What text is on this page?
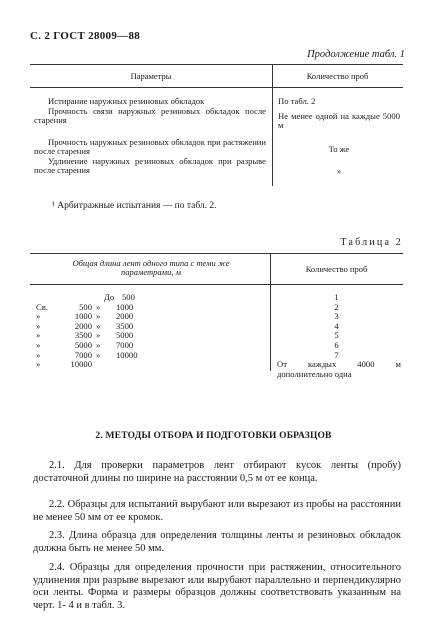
С. 2 ГОСТ 28009—88
Продолжение табл. 1
Параметры	Количество проб
Истирание наружных резиновых обкладок	По табл. 2
Прочность связи наружных резиновых обкладок после старения	Не менее одной на каждые 5000 м
Прочность наружных резиновых обкладок при растяжении после старения	То же
Удлинение наружных резиновых обкладок при разрыве после старения	»
¹ Арбитражные испытания — по табл. 2.
Таблица 2
Общая длина лент одного типа с теми же параметрами, м	Количество проб
До 500	1
Св.	500 »	1000	2
»	1000 »	2000	3
»	2000 »	3500	4
»	3500 »	5000	5
»	5000 »	7000	6
»	7000 »	10000	7
»	10000	От каждых 4000 м дополнительно одна
2. МЕТОДЫ ОТБОРА И ПОДГОТОВКИ ОБРАЗЦОВ
2.1. Для проверки параметров лент отбирают кусок ленты (пробу) достаточной длины по ширине на расстоянии 0,5 м от ее конца.
2.2. Образцы для испытаний вырубают или вырезают из пробы на расстоянии не менее 50 мм от ее кромок.
2.3. Длина образца для определения толщины ленты и резиновых обкладок должна быть не менее 50 мм.
2.4. Образцы для определения прочности при растяжении, относительного удлинения при разрыве вырезают или вырубают параллельно и перпендикулярно оси ленты. Форма и размеры образцов должны соответствовать указанным на черт. 1- 4 и в табл. 3.
